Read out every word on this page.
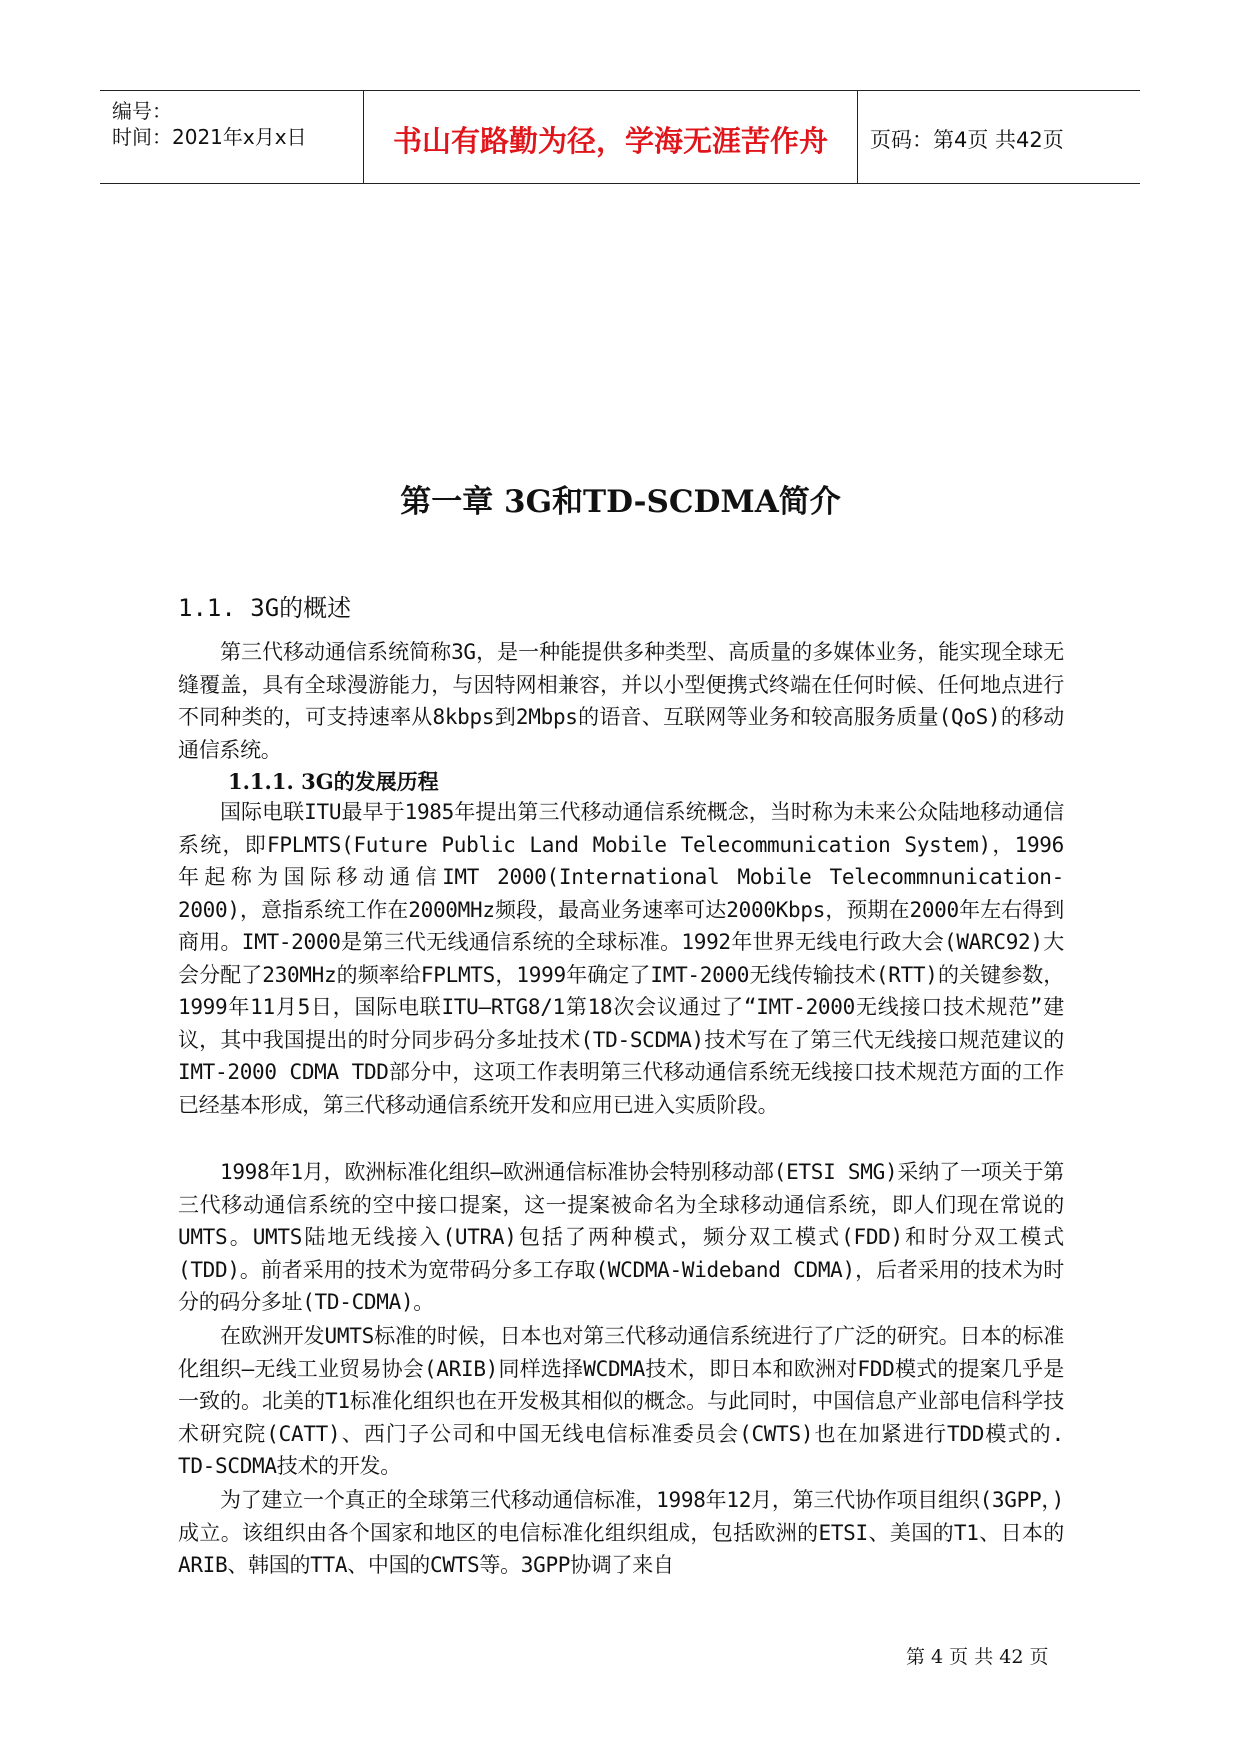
编号：
时间：2021年x月x日	书山有路勤为径，学海无涯苦作舟	页码：第4页 共42页
第一章 3G和TD-SCDMA简介
1.1. 3G的概述

第三代移动通信系统简称3G，是一种能提供多种类型、高质量的多媒体业务，能实现全球无缝覆盖，具有全球漫游能力，与因特网相兼容，并以小型便携式终端在任何时候、任何地点进行不同种类的，可支持速率从8kbps到2Mbps的语音、互联网等业务和较高服务质量(QoS)的移动通信系统。

1.1.1. 3G的发展历程

国际电联ITU最早于1985年提出第三代移动通信系统概念，当时称为未来公众陆地移动通信系统，即FPLMTS(Future Public Land Mobile Telecommunication System)，1996年起称为国际移动通信IMT 2000(International Mobile Telecommnunication-2000)，意指系统工作在2000MHz频段，最高业务速率可达2000Kbps，预期在2000年左右得到商用。IMT-2000是第三代无线通信系统的全球标准。1992年世界无线电行政大会(WARC92)大会分配了230MHz的频率给FPLMTS，1999年确定了IMT-2000无线传输技术(RTT)的关键参数，1999年11月5日，国际电联ITU—RTG8/1第18次会议通过了“IMT-2000无线接口技术规范”建议，其中我国提出的时分同步码分多址技术(TD-SCDMA)技术写在了第三代无线接口规范建议的IMT-2000 CDMA TDD部分中，这项工作表明第三代移动通信系统无线接口技术规范方面的工作已经基本形成，第三代移动通信系统开发和应用已进入实质阶段。

1998年1月，欧洲标准化组织—欧洲通信标准协会特别移动部(ETSI SMG)采纳了一项关于第三代移动通信系统的空中接口提案，这一提案被命名为全球移动通信系统，即人们现在常说的UMTS。UMTS陆地无线接入(UTRA)包括了两种模式，频分双工模式(FDD)和时分双工模式(TDD)。前者采用的技术为宽带码分多工存取(WCDMA-Wideband CDMA)，后者采用的技术为时分的码分多址(TD-CDMA)。

在欧洲开发UMTS标准的时候，日本也对第三代移动通信系统进行了广泛的研究。日本的标准化组织—无线工业贸易协会(ARIB)同样选择WCDMA技术，即日本和欧洲对FDD模式的提案几乎是一致的。北美的T1标准化组织也在开发极其相似的概念。与此同时，中国信息产业部电信科学技术研究院(CATT)、西门子公司和中国无线电信标准委员会(CWTS)也在加紧进行TDD模式的. TD-SCDMA技术的开发。

为了建立一个真正的全球第三代移动通信标准，1998年12月，第三代协作项目组织(3GPP，)成立。该组织由各个国家和地区的电信标准化组织组成，包括欧洲的ETSI、美国的T1、日本的ARIB、韩国的TTA、中国的CWTS等。3GPP协调了来自

第 4 页 共 42 页
